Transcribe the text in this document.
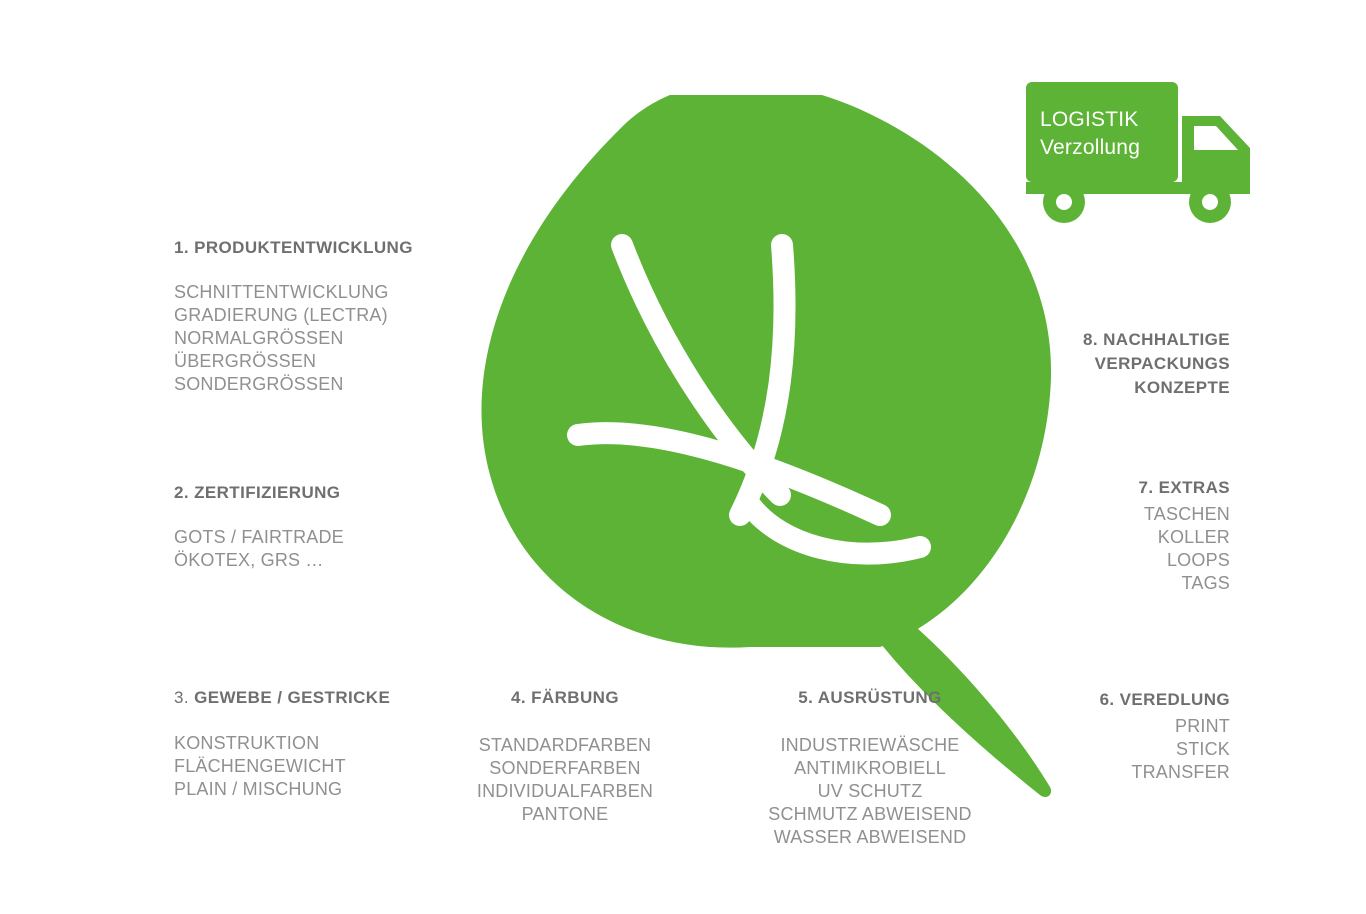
LOGISTIK
Verzollung
1. PRODUKTENTWICKLUNG
SCHNITTENTWICKLUNG
GRADIERUNG (LECTRA)
NORMALGRÖSSEN
ÜBERGRÖSSEN
SONDERGRÖSSEN
2. ZERTIFIZIERUNG
GOTS / FAIRTRADE
ÖKOTEX, GRS …
3. GEWEBE / GESTRICKE
KONSTRUKTION
FLÄCHENGEWICHT
PLAIN / MISCHUNG
4. FÄRBUNG
STANDARDFARBEN
SONDERFARBEN
INDIVIDUALFARBEN
PANTONE
5. AUSRÜSTUNG
INDUSTRIEWÄSCHE
ANTIMIKROBIELL
UV SCHUTZ
SCHMUTZ ABWEISEND
WASSER ABWEISEND
6. VEREDLUNG
PRINT
STICK
TRANSFER
7. EXTRAS
TASCHEN
KOLLER
LOOPS
TAGS
8. NACHHALTIGE
VERPACKUNGS
KONZEPTE
